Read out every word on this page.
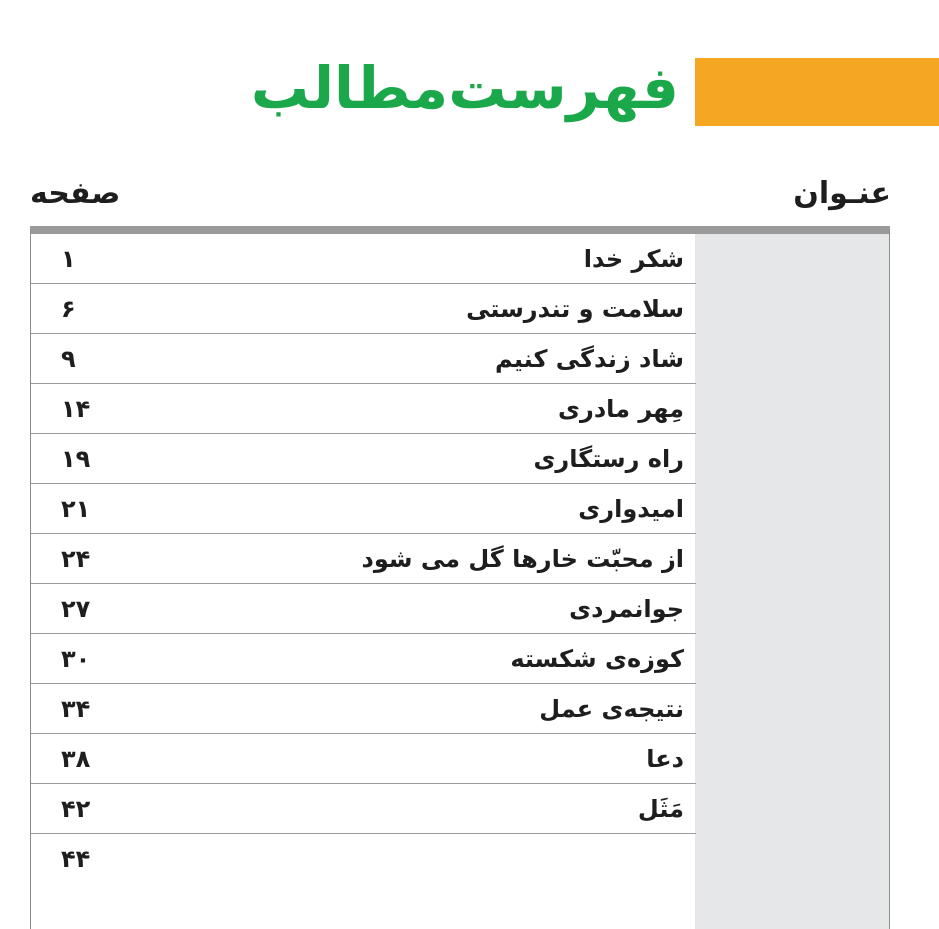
فهرست‌مطالب
عنـوان
صفحه
شکر خدا
۱
سلامت و تندرستی
۶
شاد زندگی کنیم
۹
مِهر مادری
۱۴
راه رستگاری
۱۹
امیدواری
۲۱
از محبّت خارها گل می شود
۲۴
جوانمردی
۲۷
کوزه‌ی شکسته
۳۰
نتیجه‌ی عمل
۳۴
دعا
۳۸
مَثَل
۴۲
۴۴
